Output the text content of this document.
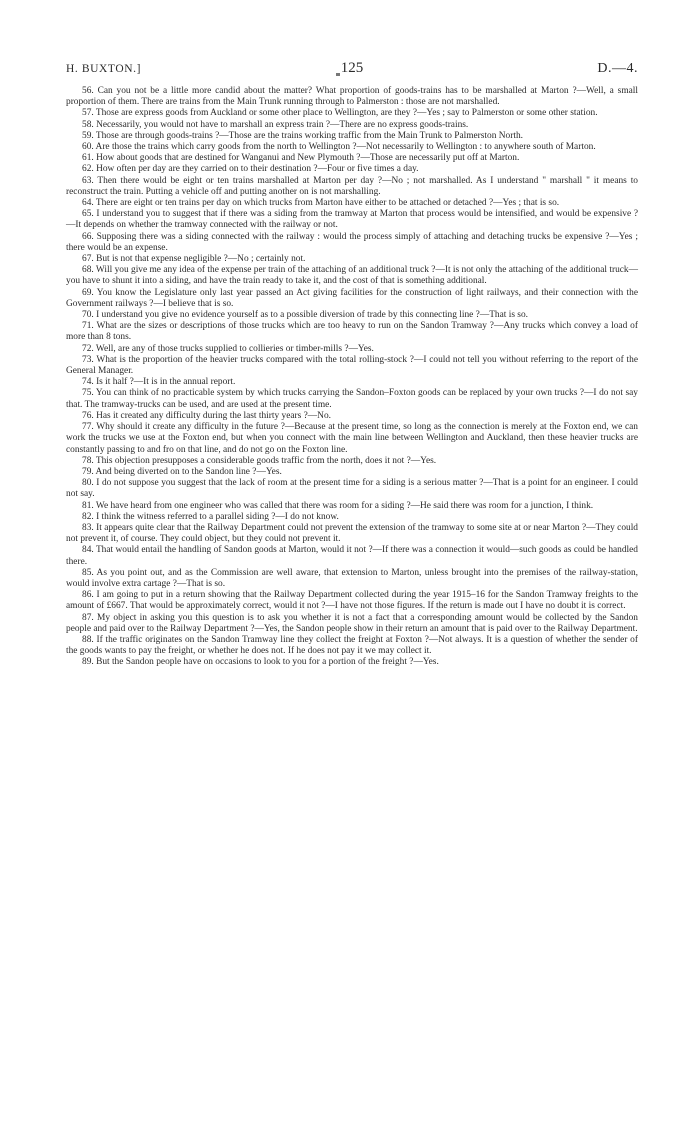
H. BUXTON.]	125	D.—4.

56. Can you not be a little more candid about the matter? What proportion of goods-trains has to be marshalled at Marton ?—Well, a small proportion of them. There are trains from the Main Trunk running through to Palmerston : those are not marshalled.

57. Those are express goods from Auckland or some other place to Wellington, are they ?—Yes ; say to Palmerston or some other station.

58. Necessarily, you would not have to marshall an express train ?—There are no express goods-trains.

59. Those are through goods-trains ?—Those are the trains working traffic from the Main Trunk to Palmerston North.

60. Are those the trains which carry goods from the north to Wellington ?—Not necessarily to Wellington : to anywhere south of Marton.

61. How about goods that are destined for Wanganui and New Plymouth ?—Those are necessarily put off at Marton.

62. How often per day are they carried on to their destination ?—Four or five times a day.

63. Then there would be eight or ten trains marshalled at Marton per day ?—No ; not marshalled. As I understand " marshall " it means to reconstruct the train. Putting a vehicle off and putting another on is not marshalling.

64. There are eight or ten trains per day on which trucks from Marton have either to be attached or detached ?—Yes ; that is so.

65. I understand you to suggest that if there was a siding from the tramway at Marton that process would be intensified, and would be expensive ?—It depends on whether the tramway connected with the railway or not.

66. Supposing there was a siding connected with the railway : would the process simply of attaching and detaching trucks be expensive ?—Yes ; there would be an expense.

67. But is not that expense negligible ?—No ; certainly not.

68. Will you give me any idea of the expense per train of the attaching of an additional truck ?—It is not only the attaching of the additional truck—you have to shunt it into a siding, and have the train ready to take it, and the cost of that is something additional.

69. You know the Legislature only last year passed an Act giving facilities for the construction of light railways, and their connection with the Government railways ?—I believe that is so.

70. I understand you give no evidence yourself as to a possible diversion of trade by this connecting line ?—That is so.

71. What are the sizes or descriptions of those trucks which are too heavy to run on the Sandon Tramway ?—Any trucks which convey a load of more than 8 tons.

72. Well, are any of those trucks supplied to collieries or timber-mills ?—Yes.

73. What is the proportion of the heavier trucks compared with the total rolling-stock ?—I could not tell you without referring to the report of the General Manager.

74. Is it half ?—It is in the annual report.

75. You can think of no practicable system by which trucks carrying the Sandon–Foxton goods can be replaced by your own trucks ?—I do not say that. The tramway-trucks can be used, and are used at the present time.

76. Has it created any difficulty during the last thirty years ?—No.

77. Why should it create any difficulty in the future ?—Because at the present time, so long as the connection is merely at the Foxton end, we can work the trucks we use at the Foxton end, but when you connect with the main line between Wellington and Auckland, then these heavier trucks are constantly passing to and fro on that line, and do not go on the Foxton line.

78. This objection presupposes a considerable goods traffic from the north, does it not ?—Yes.

79. And being diverted on to the Sandon line ?—Yes.

80. I do not suppose you suggest that the lack of room at the present time for a siding is a serious matter ?—That is a point for an engineer. I could not say.

81. We have heard from one engineer who was called that there was room for a siding ?—He said there was room for a junction, I think.

82. I think the witness referred to a parallel siding ?—I do not know.

83. It appears quite clear that the Railway Department could not prevent the extension of the tramway to some site at or near Marton ?—They could not prevent it, of course. They could object, but they could not prevent it.

84. That would entail the handling of Sandon goods at Marton, would it not ?—If there was a connection it would—such goods as could be handled there.

85. As you point out, and as the Commission are well aware, that extension to Marton, unless brought into the premises of the railway-station, would involve extra cartage ?—That is so.

86. I am going to put in a return showing that the Railway Department collected during the year 1915–16 for the Sandon Tramway freights to the amount of £667. That would be approximately correct, would it not ?—I have not those figures. If the return is made out I have no doubt it is correct.

87. My object in asking you this question is to ask you whether it is not a fact that a corresponding amount would be collected by the Sandon people and paid over to the Railway Department ?—Yes, the Sandon people show in their return an amount that is paid over to the Railway Department.

88. If the traffic originates on the Sandon Tramway line they collect the freight at Foxton ?—Not always. It is a question of whether the sender of the goods wants to pay the freight, or whether he does not. If he does not pay it we may collect it.

89. But the Sandon people have on occasions to look to you for a portion of the freight ?—Yes.
